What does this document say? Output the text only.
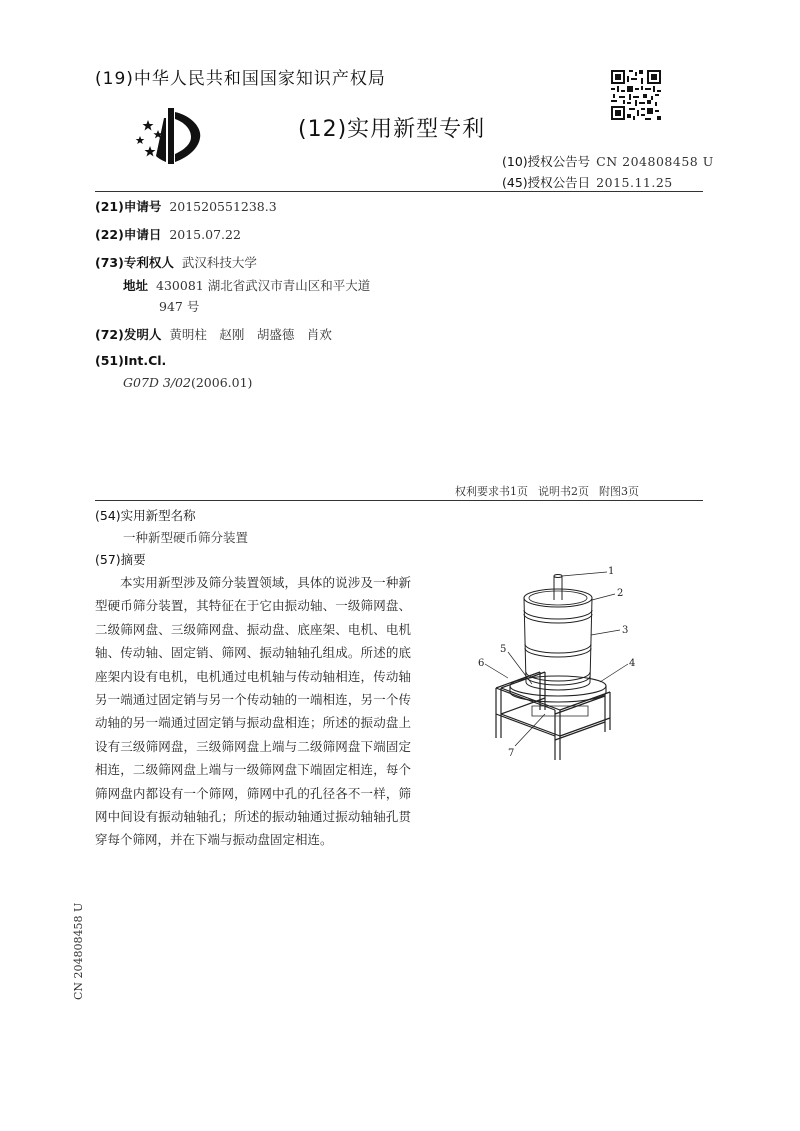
(19)中华人民共和国国家知识产权局
(12)实用新型专利
(10)授权公告号 CN 204808458 U
(45)授权公告日 2015.11.25
(21)申请号 201520551238.3
(22)申请日 2015.07.22
(73)专利权人 武汉科技大学
地址 430081 湖北省武汉市青山区和平大道
947 号
(72)发明人 黄明柱　赵刚　胡盛德　肖欢
(51)Int.Cl.
G07D 3/02(2006.01)
权利要求书1页 说明书2页 附图3页
(54)实用新型名称
一种新型硬币筛分装置
(57)摘要
本实用新型涉及筛分装置领域，具体的说涉及一种新型硬币筛分装置，其特征在于它由振动轴、一级筛网盘、二级筛网盘、三级筛网盘、振动盘、底座架、电机、电机轴、传动轴、固定销、筛网、振动轴轴孔组成。所述的底座架内设有电机，电机通过电机轴与传动轴相连，传动轴另一端通过固定销与另一个传动轴的一端相连，另一个传动轴的另一端通过固定销与振动盘相连；所述的振动盘上设有三级筛网盘，三级筛网盘上端与二级筛网盘下端固定相连，二级筛网盘上端与一级筛网盘下端固定相连，每个筛网盘内都设有一个筛网，筛网中孔的孔径各不一样，筛网中间设有振动轴轴孔；所述的振动轴通过振动轴轴孔贯穿每个筛网，并在下端与振动盘固定相连。
1
2
3
4
5
6
7
CN 204808458 U
